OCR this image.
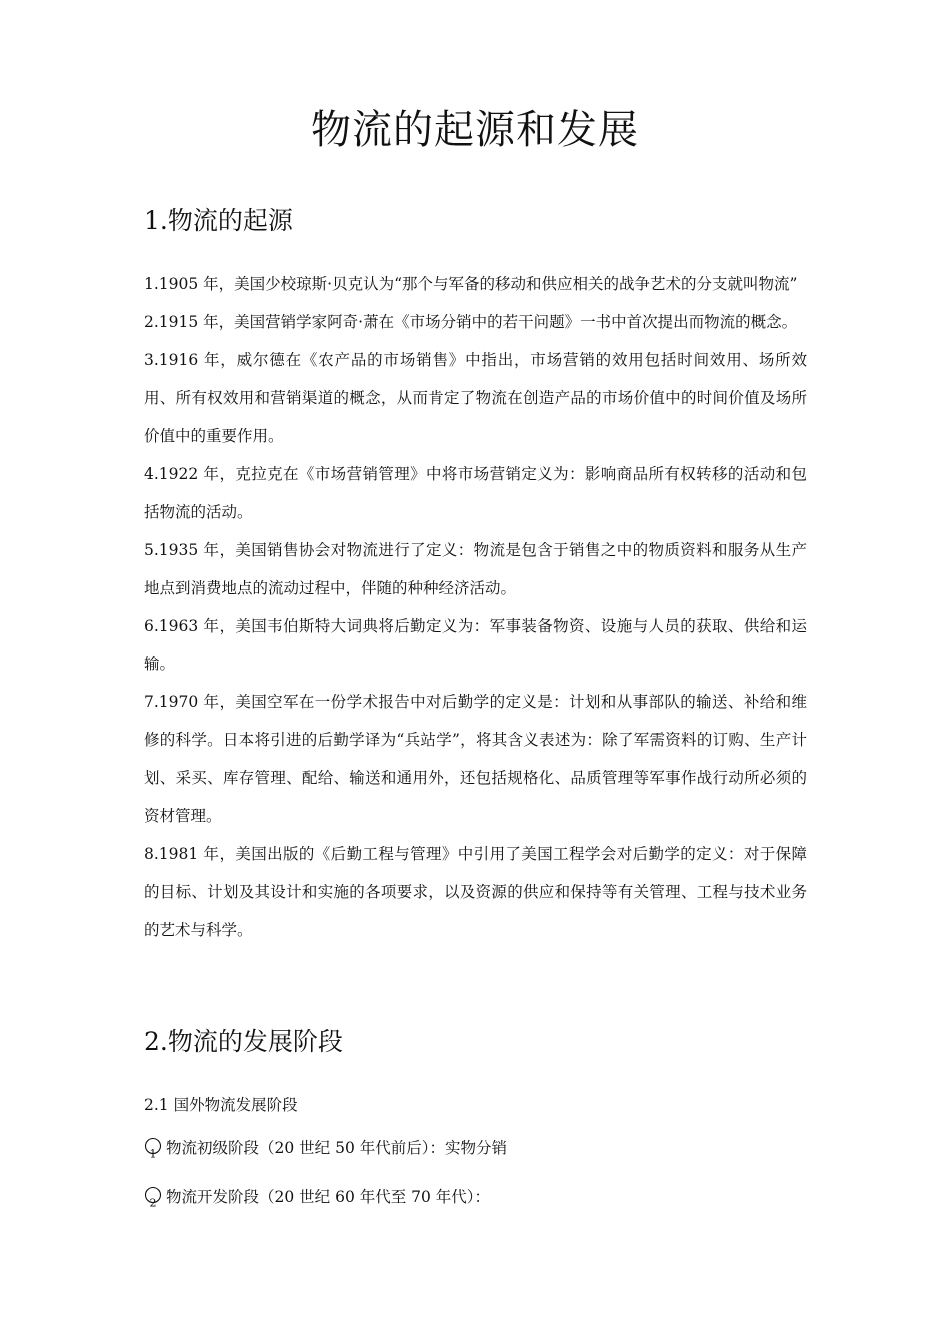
物流的起源和发展
1.物流的起源

1.1905 年，美国少校琼斯·贝克认为“那个与军备的移动和供应相关的战争艺术的分支就叫物流”

2.1915 年，美国营销学家阿奇·萧在《市场分销中的若干问题》一书中首次提出而物流的概念。

3.1916 年，威尔德在《农产品的市场销售》中指出，市场营销的效用包括时间效用、场所效用、所有权效用和营销渠道的概念，从而肯定了物流在创造产品的市场价值中的时间价值及场所价值中的重要作用。

4.1922 年，克拉克在《市场营销管理》中将市场营销定义为：影响商品所有权转移的活动和包括物流的活动。

5.1935 年，美国销售协会对物流进行了定义：物流是包含于销售之中的物质资料和服务从生产地点到消费地点的流动过程中，伴随的种种经济活动。

6.1963 年，美国韦伯斯特大词典将后勤定义为：军事装备物资、设施与人员的获取、供给和运输。

7.1970 年，美国空军在一份学术报告中对后勤学的定义是：计划和从事部队的输送、补给和维修的科学。日本将引进的后勤学译为“兵站学”，将其含义表述为：除了军需资料的订购、生产计划、采买、库存管理、配给、输送和通用外，还包括规格化、品质管理等军事作战行动所必须的资材管理。

8.1981 年，美国出版的《后勤工程与管理》中引用了美国工程学会对后勤学的定义：对于保障的目标、计划及其设计和实施的各项要求，以及资源的供应和保持等有关管理、工程与技术业务的艺术与科学。

2.物流的发展阶段

2.1 国外物流发展阶段

1 物流初级阶段（20 世纪 50 年代前后）：实物分销
2 物流开发阶段（20 世纪 60 年代至 70 年代）：
